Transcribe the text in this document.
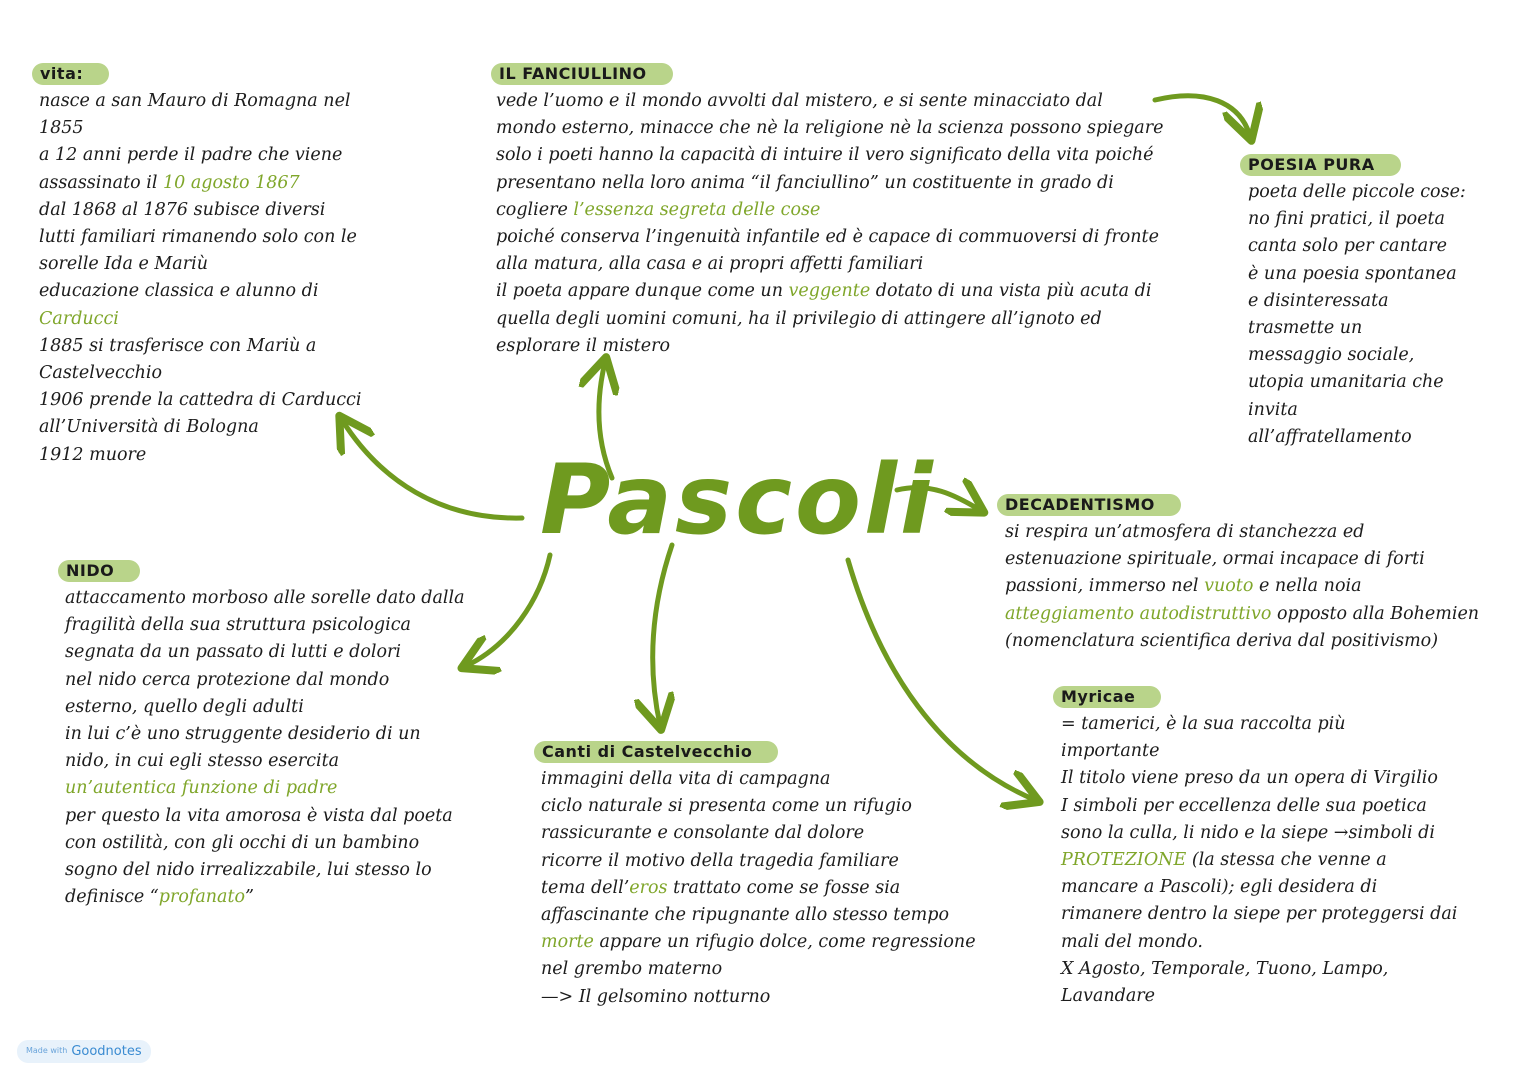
Pascoli
vita:
nasce a san Mauro di Romagna nel
1855
a 12 anni perde il padre che viene
assassinato il 10 agosto 1867
dal 1868 al 1876 subisce diversi
lutti familiari rimanendo solo con le
sorelle Ida e Mariù
educazione classica e alunno di
Carducci
1885 si trasferisce con Mariù a
Castelvecchio
1906 prende la cattedra di Carducci
all’Università di Bologna
1912 muore
IL FANCIULLINO
vede l’uomo e il mondo avvolti dal mistero, e si sente minacciato dal
mondo esterno, minacce che nè la religione nè la scienza possono spiegare
solo i poeti hanno la capacità di intuire il vero significato della vita poiché
presentano nella loro anima “il fanciullino” un costituente in grado di
cogliere l’essenza segreta delle cose
poiché conserva l’ingenuità infantile ed è capace di commuoversi di fronte
alla matura, alla casa e ai propri affetti familiari
il poeta appare dunque come un veggente dotato di una vista più acuta di
quella degli uomini comuni, ha il privilegio di attingere all’ignoto ed
esplorare il mistero
POESIA PURA
poeta delle piccole cose:
no fini pratici, il poeta
canta solo per cantare
è una poesia spontanea
e disinteressata
trasmette un
messaggio sociale,
utopia umanitaria che
invita
all’affratellamento
DECADENTISMO
si respira un’atmosfera di stanchezza ed
estenuazione spirituale, ormai incapace di forti
passioni, immerso nel vuoto e nella noia
atteggiamento autodistruttivo opposto alla Bohemien
(nomenclatura scientifica deriva dal positivismo)
NIDO
attaccamento morboso alle sorelle dato dalla
fragilità della sua struttura psicologica
segnata da un passato di lutti e dolori
nel nido cerca protezione dal mondo
esterno, quello degli adulti
in lui c’è uno struggente desiderio di un
nido, in cui egli stesso esercita
un’autentica funzione di padre
per questo la vita amorosa è vista dal poeta
con ostilità, con gli occhi di un bambino
sogno del nido irrealizzabile, lui stesso lo
definisce “profanato”
Canti di Castelvecchio
immagini della vita di campagna
ciclo naturale si presenta come un rifugio
rassicurante e consolante dal dolore
ricorre il motivo della tragedia familiare
tema dell’eros trattato come se fosse sia
affascinante che ripugnante allo stesso tempo
morte appare un rifugio dolce, come regressione
nel grembo materno
—> Il gelsomino notturno
Myricae
= tamerici, è la sua raccolta più
importante
Il titolo viene preso da un opera di Virgilio
I simboli per eccellenza delle sua poetica
sono la culla, li nido e la siepe →simboli di
PROTEZIONE (la stessa che venne a
mancare a Pascoli); egli desidera di
rimanere dentro la siepe per proteggersi dai
mali del mondo.
X Agosto, Temporale, Tuono, Lampo,
Lavandare
Made with Goodnotes
